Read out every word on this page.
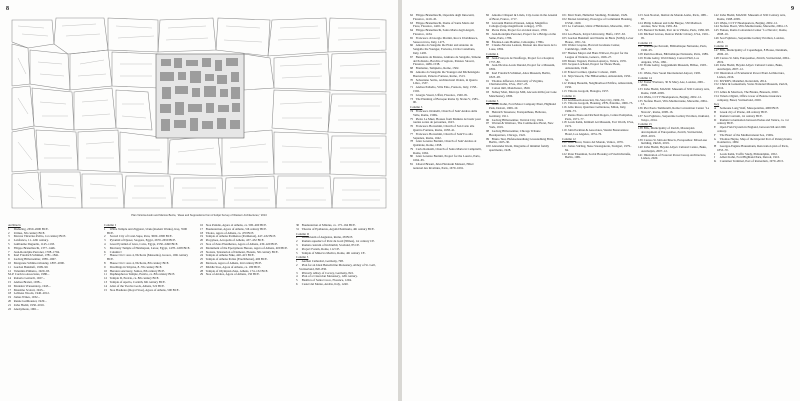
8
Plan Victoria Austin and Marcos Berria, “Ideas and Suppositions from A Subjet Survey of Western Architectures,” 2013
Architects
1 Dadazing, 2650–2600 BCE.
2 Ictinus, 5th century BCE.
3 Marcus Vitruvius Pollio, 1st century BCE.
4 Lanfranco, 11–12th century.
5 Guillaume Duguelle, 1145–1193.
6 Filippo Brunelleschi, 1377–1446.
7 Jean-Rodolphe Perronet, 1708–1794.
8 Karl Friedrich Schinkel, 1781–1841.
9 Ludwig Hilberseimer, 1885–1967.
10 Margarete Schütte-Lihotzky, 1897–2000.
11 Gordon Bunshaft, 1909–90.
12 Valentina Pinheiro, 1929–93.
M–P Cordova Associates, 1980–.
14 Roberto Gottardi, 1927–.
15 Andrea Branzi, 1938–.
16 Madelon Vriesendorp, 1945–.
17 Massimo Scolari, 1943–.
18 Lebbeus Woods, 1940–2012.
19 James Wines, 1932–.
20 Renée Gailhoustet, 1929–.
21 Zaha Hadid, 1950–2016.
22 Anonymous, 1961–.
Column I
1 White Temple and Ziggurat, Uruk (modern Warka), Iraq, 3500 BCE.
2 Sacred City of Caral-Supe, Peru, 3000–1800 BCE.
3 Pyramid of Djoser, Saqqara, Egypt, 2670–2650 BCE.
4 Great Pyramid of Giza, Cairo, Egypt, 2550–2490 BCE.
5 Mortuary Temple of Hatshepsut, Luxor, Egypt, 1478–1458 BCE.
6 Column I
7 House I in C area 4, Nichoria (Messenia), Greece, 10th century BCE.
8 House I in C area 4, Nichoria, 8th century BCE.
9 Dwellings in Smyrna, 8–7th century BCE.
10 Heraion sanctuary, Samos, 8th century BCE.
11 Daphnephoros Temple, Eretria, ca. 8th century BCE.
12 Temple D, Eretria, ca. 8th century BCE.
13 Temple of Apollo, Corinth, 6th century BCE.
14 Altar of the Twelve Gods, Athens, 522 BCE.
15 Stoa Basileios (Royal Stoa), Agora of Athens, 500 BCE.
16 Stoa Poikile, Agora of Athens, ca. 500–460 BCE.
17 Bouleuterion, Agora of Athens, 5th century BCE.
18 Tholos, Agora of Athens, ca. 470 BCE.
19 Temple of Athena Parthenos (Parthenon), 447–432 BCE.
20 Propylaea, Acropolis of Athens, 437–432 BCE.
21 Stoa of Zeus Eleutherios, Agora of Athens, 430–420 BCE.
22 Monument of the Eponymous Heroes, Agora of Athens, 400 BCE.
23 Stoions, Telesterion of Demeter, Eleusis, 5th century BCE.
24 Temple of Athena Nike, 420–415 BCE.
25 Temple of Athena Polias (Erechtheion), 406 BCE.
26 Metroon, Agora of Athens, 2nd century BCE.
27 Middle Stoa, Agora of Athens, ca. 180 BCE.
28 Temple of Olympian Zeus, Athens, 174–132 BCE.
29 Stoa of Attalos, Agora of Athens, 150 BCE.
30 Bouleuterion of Miletus, ca. 175–164 BCE.
31 Theatre of Epidaurus, Argolid Peninsula, 4th century BCE.
Column II
1 Mausoleum of Augustus, Rome, 28 BCE.
2 Roman aqueduct of Pont du Gard (Nîmes), 1st century CE.
3 Roman castrum of Inchtuthil, Scotland, 83 CE.
4 Project Forum, Rome, 112 CE.
5 Temple of Minerva Medica, Rome, 4th century CE.
Column 5
1 Aachen Cathedral, Germany, 798.
2 Plan for an Ideal Benedictine Monastery, Abbey of St. Gall, Switzerland, 820–830.
3 Princely Abbey of Corvey, Germany, 822.
4 Plan of a Cistercian Monastery, 12th century.
5 Basilica of Santa Croce, Florence, 1294.
6 Castel del Monte, Andria, Italy, 1240.
9
62 Filippo Brunelleschi, Ospedale degli Innocenti, Florence, 1419–45.
63 Filippo Brunelleschi, Dome of Santa Maria del Fiore, Florence, 1420–36.
64 Filippo Brunelleschi, Santa Maria degli Angeli, Florence, 1434.
65 Francesco di Giorgio Martini, Rocca Ubaldinesca, Sassocorvaro, Italy, 1475.
66 Antonio da Sangallo the Elder and Antonio da Sangallo the Younger, Fortezza, Civita Castellana, Italy, 1495.
67 Benedetto da Maiano, Giuliano da Sangallo, Simone del Pollaiolo, Bacchio d’Agnolo, Palazzo Strozzi, Florence, 1489–1538.
68 Bramante, Tempietto, Rome, 1502.
69 Antonio da Sangallo the Younger and Michelangelo Buonarroti, Palazzo Farnese, Rome, 1513.
70 Sebastiano Serlio, Architectural Orders, in Quarto Libro, 1537.
71 Andrea Palladio, Villa Emo, Fanzolo, Italy, 1558–1565.
72 Giorgio Vasari, Uffizi, Florence, 1560–81.
73 The Planning of Baroque Rome by Sixtus V, 1585–90.
Column 3
74 Francesco Orsinelli, Church of Sant’Andrea della Valle, Rome, 1590s.
75 Pietro Le Muet, Houses from Manière de bastir pour touttes sortes de personnes, 1623.
76 Francesco Borromini, Church of San Carlo alle Quattro Fontane, Rome, 1638–41.
77 Francesco Borromini, Church of Sant’Ivo alla Sapienza, Rome, 1642.
78 Gian Lorenzo Bernini, Church of Sant’Andrea al Quirinale, Rome, 1658.
79 Carlo Rainaldi, Church of Santa Maria in Campitelli, Rome, 1662.
80 Gian Lorenzo Bernini, Project for the Louvre, Paris, 1664–65.
81 Liberal Bruant, Jules Hardouin Mansart, Hôtel national des Invalides, Paris, 1670–1691.
82 Antonio Chiaperi & Linda, City-Gates in the Arsenal of Brest, France, 1717.
83 Giovanni Battista Piranesi, Ampio Magnifico Collegio (large magnificent college), 1750.
84 Pierre Patte, Project for an ideal street, 1769.
85 Jean-Rodolphe Perronet, Project for a Bridge on the Seine, Paris, 1786.
86 Étienne-Louis Boullée, Cénotaphe, 1780s.
87 Claude-Nicolas Ledoux, Maison des directeurs de la Loue, 1804.
Column 4
88 Jean-François de Neufforge, Project for a hospital, 1757–80.
89 Jean-Nicolas-Louis Durand, Project for a Museum, 1802.
90 Karl Friedrich Schinkel, Altes Museum, Berlin, 1823–28.
91 Thomas Jefferson, University of Virginia, Charlottesville, USA, 1817–25.
92 Cotton mill, Manchester, 1820.
93 Sidney Mott, Murrays Mill, Ancoats mills (our Lane Manchester), 1806.
Column 5
94 Albert Kahn, Ford Motor Company Plant, Highland Park, Detroit, 1909–10.
95 Heinrich Tessenow, Festspielhaus, Hellerau, Germany, 1911.
96 Ludwig Hilberseimer, Vertical City, 1924.
97 Warren & Wetmore, The Commodore Hotel, New York, 1919.
98 Ludwig Hilberseimer, Chicago Tribune Headquarters, Chicago, 1922.
99 Bruno Taut, Hufeisensiedlung Grossiedlung Britz, Berlin, 1925–30.
100 Alexander Klein, Diagrams of minimal family apartments, 1928.
101 Mart Stam, Hellerhof Siedlung, Frankfurt, 1929.
102 Moisei Ginzburg, Prototype of Communal Housing, USSR, 1929.
103 Le Corbusier, Unité d’Habitation, Marseille, 1947–52.
104 Leo Baeck, Kiryat University, Haifa, 1957–63.
105 Gordon Bunshaft and Natalie de Blois (SOM), Lever House, 1951–52.
106 Walter Gropius, Harvard Graduate Center, Cambridge, 1948–50.
107 Hannes Meyer and Hans Wittwer, Project for the League of Nations, Geneva, 1926–27.
108 Mauro Vegezzi, Pontoon Anoiyo, Venice, 1935.
109 Jacques Lachaud, Project for Nieuw Beek, Amsterdam, 1940.
110 Ernest Cormier, Quebec Cabaret, 1948.
111 Stijn Snoeck, The Hilberseimer, Amsterdam, 1950–52.
112 Pankaj Beaudin, Neighborhood Edifice, Amsterdam, 1950.
113 Vittorio Gregotti, Bologna, 1957.
Column 11
114 Archizoom Associati, No-Stop City, 1969–72.
115 Vittorio Gregotti, Housing, ZEN, Palermo, 1969–73.
116 Aldo Rossi, Quartiere Gallaratese, Milan, Italy, 1969–73.
117 Renzo Piano and Richard Rogers, Centre Pompidou, Paris, 1971–77.
118 Louis Kahn, Kimbell Art Museum, Fort Worth, USA, 1972.
119 John Portman & Associates, Westin Bonaventure Hotel, Los Angeles, 1974–76.
Column 12
120 Aldo Rossi, Teatro del Mondo, Venice, 1979.
121 James Stirling, Neue Staatsgalerie, Stuttgart, 1979–84.
122 Peter Eisenman, Social Housing at Friedrichstraße, Berlin, 1981.
123 Jean Nouvel, Institut du Monde Arabe, Paris, 1981–87.
124 Philip Johnson and John Burgee, 550 Madison Avenue, New York, 1981–84.
125 Bernard Tschumi, Parc de la Villette, Paris, 1982–98.
126 Michael Graves, Denver Public Library, USA, 1991–95.
Column 13
127 Dominique Perrault, Bibliothèque Nationale, Paris, 1990–95.
128 Rem Koolhaas, Bibliothèque Nationale, Paris, 1989.
129 Frank Gehry, Walt Disney Concert Hall, Los Angeles, USA, 1991.
130 Frank Gehry, Guggenheim Museum, Bilbao, 1993–97.
131 OMA, New Seoul International Airport, 1995.
Column 14
132 Foster+Partners, 30 St Mary Axe, London, 2001–2004.
133 Zaha Hadid, MAXXI: Museum of XXI Century Arts, Rome, 1998–2009.
134 OMA, CCTV Headquarters, Beijing, 2002–12.
135 Stefano Boeri, Villa Mediterranée, Marseille, 2004–13.
136 Pier Paolo Tamburelli, Roma Convention Center ‘La Nuvola’, Rome, 2008–16.
137 Sou Fujimoto, Serpentine Gallery Pavilion, Oakland, Tokyo, 2014.
Column 15
138 BIG, Municipality of Zurich, Masterplan development of Europaallee, Zurich, Switzerland, 2003–2019.
139 Caruso St John Architects, Europaallee: Mixed-use building, Zürich, 2019.
140 Zaha Hadid, Heydar Aliyev Cultural Centre, Baku, Azerbaijan, 2007–12.
141 Illustration of Forecast Power Group Architecture, Lisbon, 2020.
142 Zaha Hadid, MAXXI: Museum of XXI Century Arts, Rome, 1998–2009.
143 OMA, CCTV Headquarters, Beijing, 2002–12.
144 Stefano Boeri, Villa Mediterranée, Marseille, 2004–13.
145 Fuksas, Roma Convention Center ‘La Nuvola’, Rome, 2008–16.
146 Sou Fujimoto, Serpentine Gallery Pavilion, London, 2013.
Column 16
147 BIG, Municipality of Copenhagen, 8 House, Denmark, 2006–10.
148 Caruso St John, Europaallee, Zürich, Switzerland, 2004–2019.
149 Zaha Hadid, Heydar Aliyev Cultural Centre, Baku, Azerbaijan, 2007–12.
150 Illustration of Ecumenical Power Plant Architecture, Lisbon, 2016.
151 MVRDV, Markthal, Rotterdam, 2014.
152 Christ & Gantenbein, Swiss National Museum, Zurich, 2016.
153 Allies & Morrison, The Blades, Brussels, 2020.
154 Valerio Olgiati, Office tower of Baloise insurance company, Basel, Switzerland, 2020.
Key
A Someone Long Wolf, Mesopotamia, 4000 BCE.
B Greek city of Priene, 4th century BCE.
C Roman Castrum, 1st century BCE.
D Roman Colonization between Padua and Venice, ca. 1st century BCE.
E Open Field System in England, between 9th and 20th century.
F The Heart of the Mediterranean Sea, 1500s.
G Thomas Heyne, Map of the Imperial Port of Pennsylvania in America, 1682.
H Georges-Eugène Haussmann, Renovation plan of Paris, 1853–70.
I Louis Kahn, Traffic Study, Philadelphia, 1952.
J Albert Kahn, Ford Highland Park, Detroit, 1910.
K Container Terminal, Port of Rotterdam, 1970–2015.
